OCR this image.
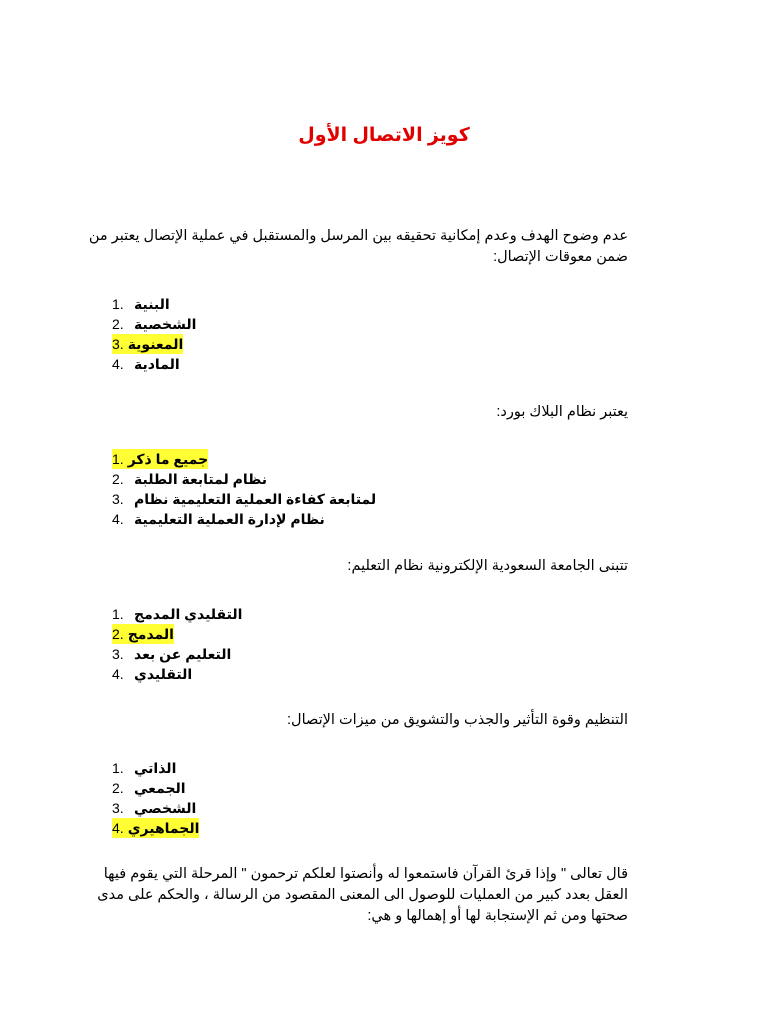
كويز الاتصال الأول
عدم وضوح الهدف وعدم إمكانية تحقيقه بين المرسل والمستقبل في عملية الإتصال يعتبر من ضمن معوقات الإتصال:
1. البنية
2. الشخصية
3. المعنوية
4. المادية
يعتبر نظام البلاك بورد:
1. جميع ما ذكر
2. نظام لمتابعة الطلبة
3. لمتابعة كفاءة العملية التعليمية نظام
4. نظام لإدارة العملية التعليمية
تتبنى الجامعة السعودية الإلكترونية نظام التعليم:
1. التقليدي المدمج
2. المدمج
3. التعليم عن بعد
4. التقليدي
التنظيم وقوة التأثير والجذب والتشويق من ميزات الإتصال:
1. الذاتي
2. الجمعي
3. الشخصي
4. الجماهيري
قال تعالى " وإذا قرئ القرآن فاستمعوا له وأنصتوا لعلكم ترحمون " المرحلة التي يقوم فيها العقل بعدد كبير من العمليات للوصول الى المعنى المقصود من الرسالة ، والحكم على مدى صحتها ومن ثم الإستجابة لها أو إهمالها و هي:
